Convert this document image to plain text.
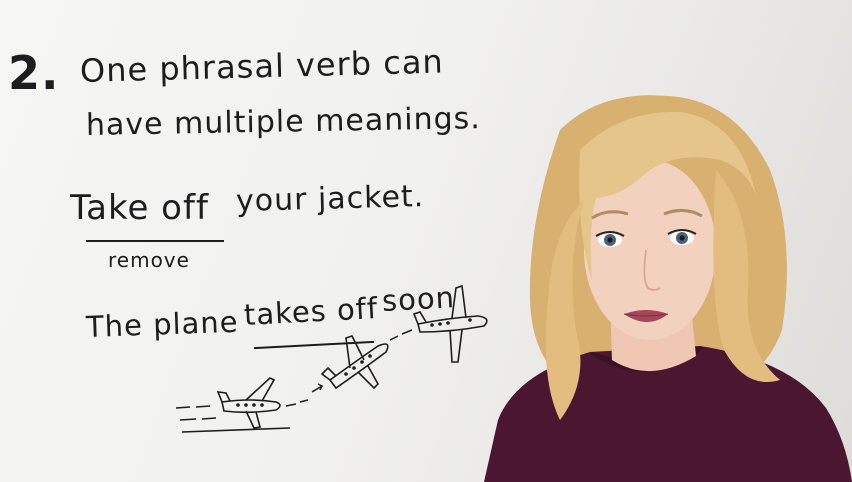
2. One phrasal verb can
have multiple meanings.
Take off your jacket.
remove
The plane takes off soon
